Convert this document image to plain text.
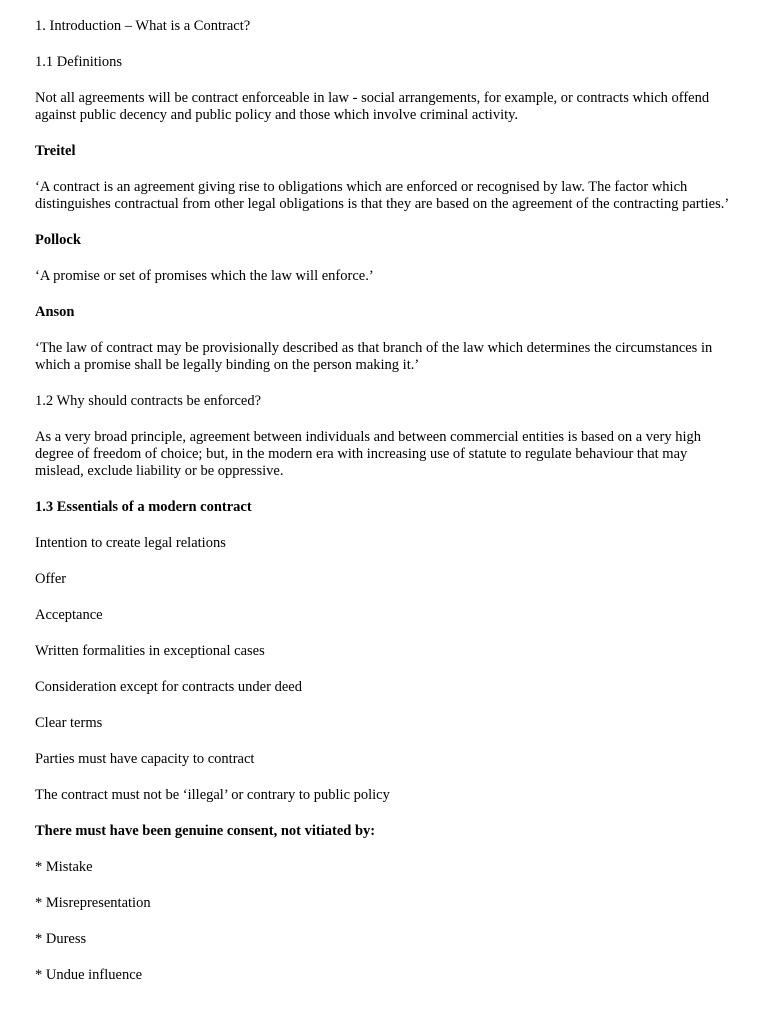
1. Introduction – What is a Contract?

1.1 Definitions

Not all agreements will be contract enforceable in law - social arrangements, for example, or contracts which offend against public decency and public policy and those which involve criminal activity.

Treitel

‘A contract is an agreement giving rise to obligations which are enforced or recognised by law. The factor which distinguishes contractual from other legal obligations is that they are based on the agreement of the contracting parties.’

Pollock

‘A promise or set of promises which the law will enforce.’

Anson

‘The law of contract may be provisionally described as that branch of the law which determines the circumstances in which a promise shall be legally binding on the person making it.’

1.2 Why should contracts be enforced?

As a very broad principle, agreement between individuals and between commercial entities is based on a very high degree of freedom of choice; but, in the modern era with increasing use of statute to regulate behaviour that may mislead, exclude liability or be oppressive.

1.3 Essentials of a modern contract

Intention to create legal relations

Offer

Acceptance

Written formalities in exceptional cases

Consideration except for contracts under deed

Clear terms

Parties must have capacity to contract

The contract must not be ‘illegal’ or contrary to public policy

There must have been genuine consent, not vitiated by:

* Mistake

* Misrepresentation

* Duress

* Undue influence
